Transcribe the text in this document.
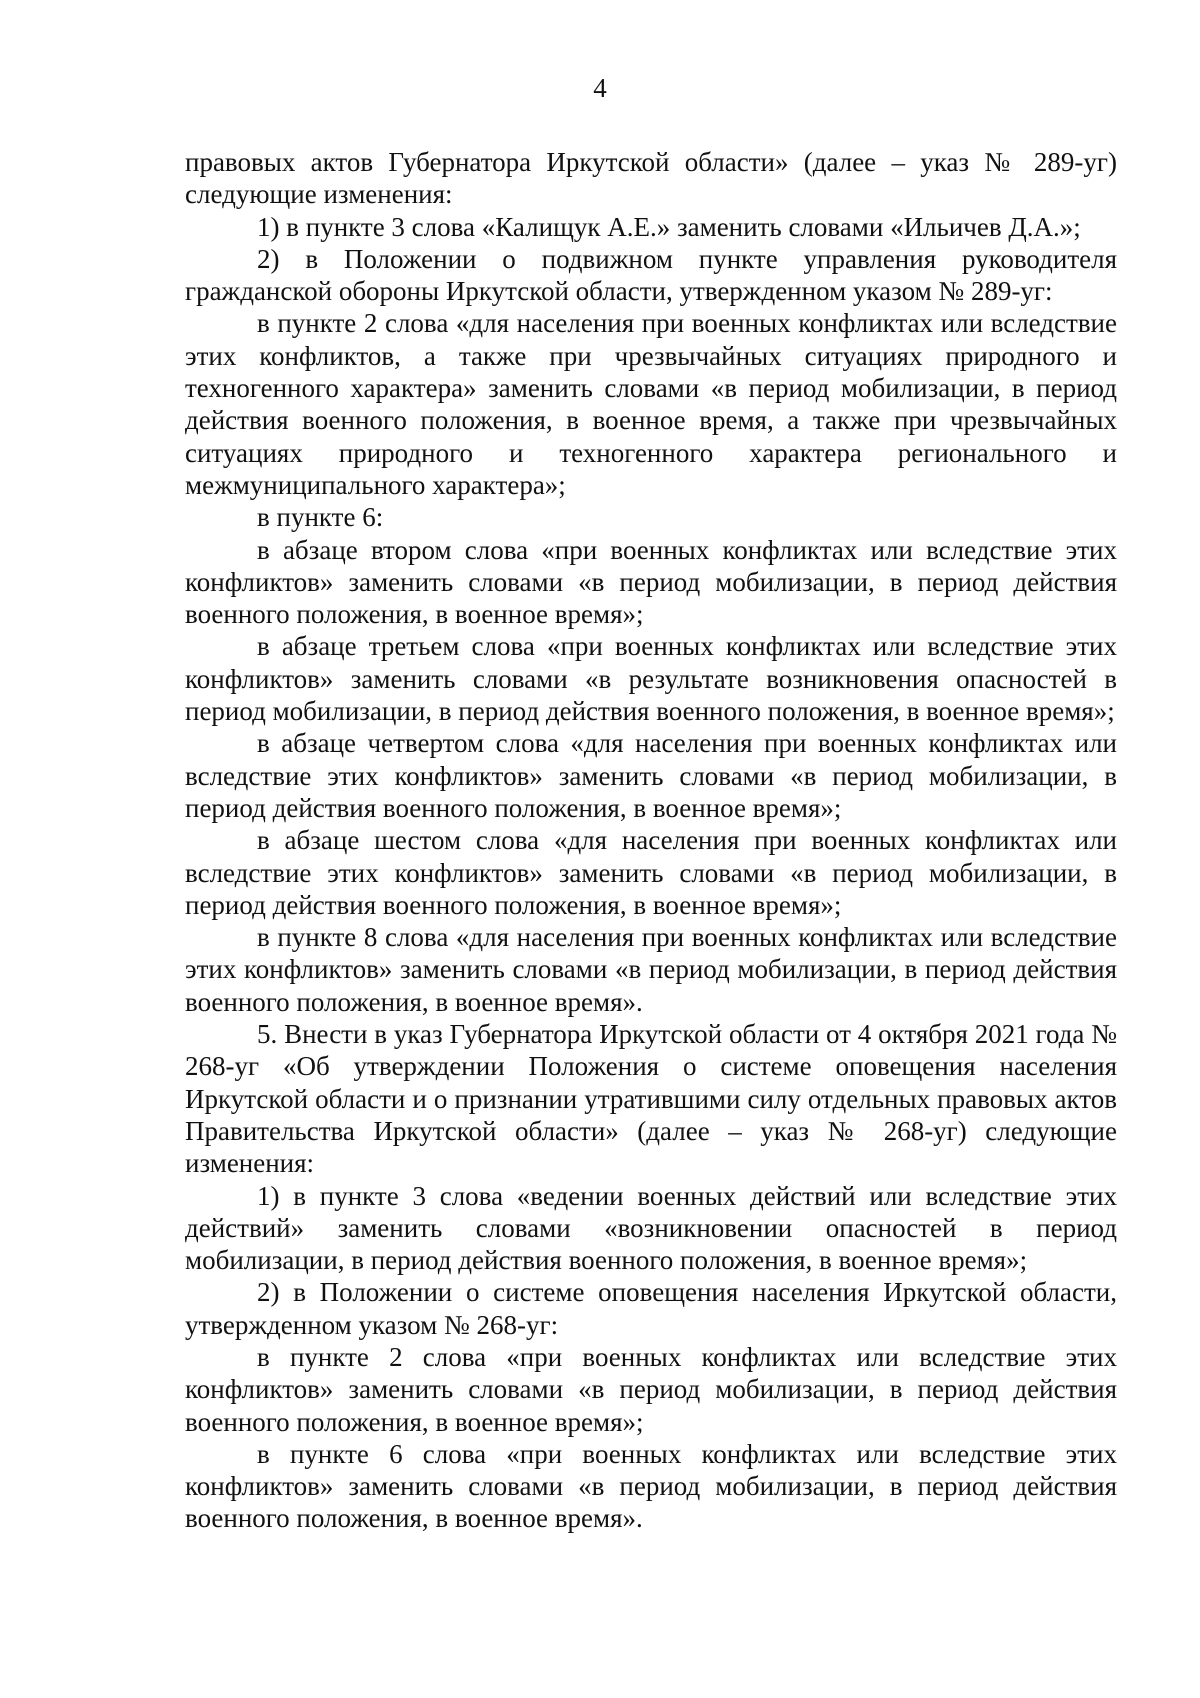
4

правовых актов Губернатора Иркутской области» (далее – указ № 289-уг) следующие изменения:

1) в пункте 3 слова «Калищук А.Е.» заменить словами «Ильичев Д.А.»;

2) в Положении о подвижном пункте управления руководителя гражданской обороны Иркутской области, утвержденном указом № 289-уг:

в пункте 2 слова «для населения при военных конфликтах или вследствие этих конфликтов, а также при чрезвычайных ситуациях природного и техногенного характера» заменить словами «в период мобилизации, в период действия военного положения, в военное время, а также при чрезвычайных ситуациях природного и техногенного характера регионального и межмуниципального характера»;

в пункте 6:

в абзаце втором слова «при военных конфликтах или вследствие этих конфликтов» заменить словами «в период мобилизации, в период действия военного положения, в военное время»;

в абзаце третьем слова «при военных конфликтах или вследствие этих конфликтов» заменить словами «в результате возникновения опасностей в период мобилизации, в период действия военного положения, в военное время»;

в абзаце четвертом слова «для населения при военных конфликтах или вследствие этих конфликтов» заменить словами «в период мобилизации, в период действия военного положения, в военное время»;

в абзаце шестом слова «для населения при военных конфликтах или вследствие этих конфликтов» заменить словами «в период мобилизации, в период действия военного положения, в военное время»;

в пункте 8 слова «для населения при военных конфликтах или вследствие этих конфликтов» заменить словами «в период мобилизации, в период действия военного положения, в военное время».

5. Внести в указ Губернатора Иркутской области от 4 октября 2021 года № 268-уг «Об утверждении Положения о системе оповещения населения Иркутской области и о признании утратившими силу отдельных правовых актов Правительства Иркутской области» (далее – указ № 268-уг) следующие изменения:

1) в пункте 3 слова «ведении военных действий или вследствие этих действий» заменить словами «возникновении опасностей в период мобилизации, в период действия военного положения, в военное время»;

2) в Положении о системе оповещения населения Иркутской области, утвержденном указом № 268-уг:

в пункте 2 слова «при военных конфликтах или вследствие этих конфликтов» заменить словами «в период мобилизации, в период действия военного положения, в военное время»;

в пункте 6 слова «при военных конфликтах или вследствие этих конфликтов» заменить словами «в период мобилизации, в период действия военного положения, в военное время».
